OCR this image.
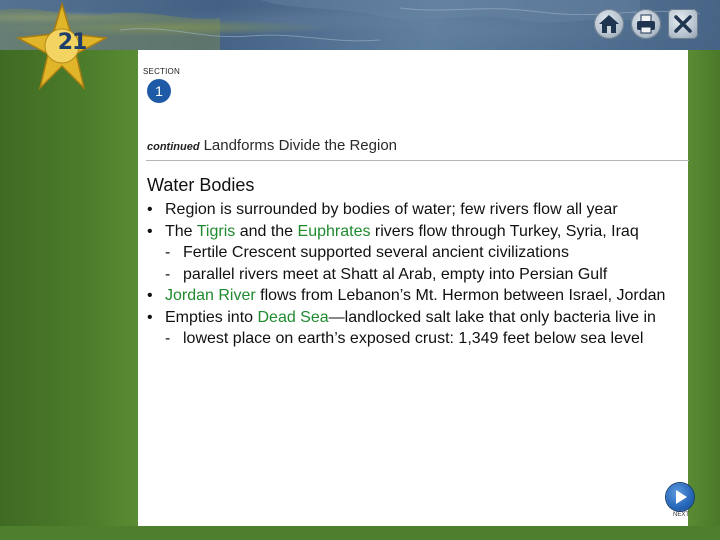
21
SECTION
1
continued Landforms Divide the Region
Water Bodies
• Region is surrounded by bodies of water; few rivers flow all year
• The Tigris and the Euphrates rivers flow through Turkey, Syria, Iraq
- Fertile Crescent supported several ancient civilizations
- parallel rivers meet at Shatt al Arab, empty into Persian Gulf
• Jordan River flows from Lebanon’s Mt. Hermon between Israel, Jordan
• Empties into Dead Sea—landlocked salt lake that only bacteria live in
- lowest place on earth’s exposed crust: 1,349 feet below sea level
NEXT
